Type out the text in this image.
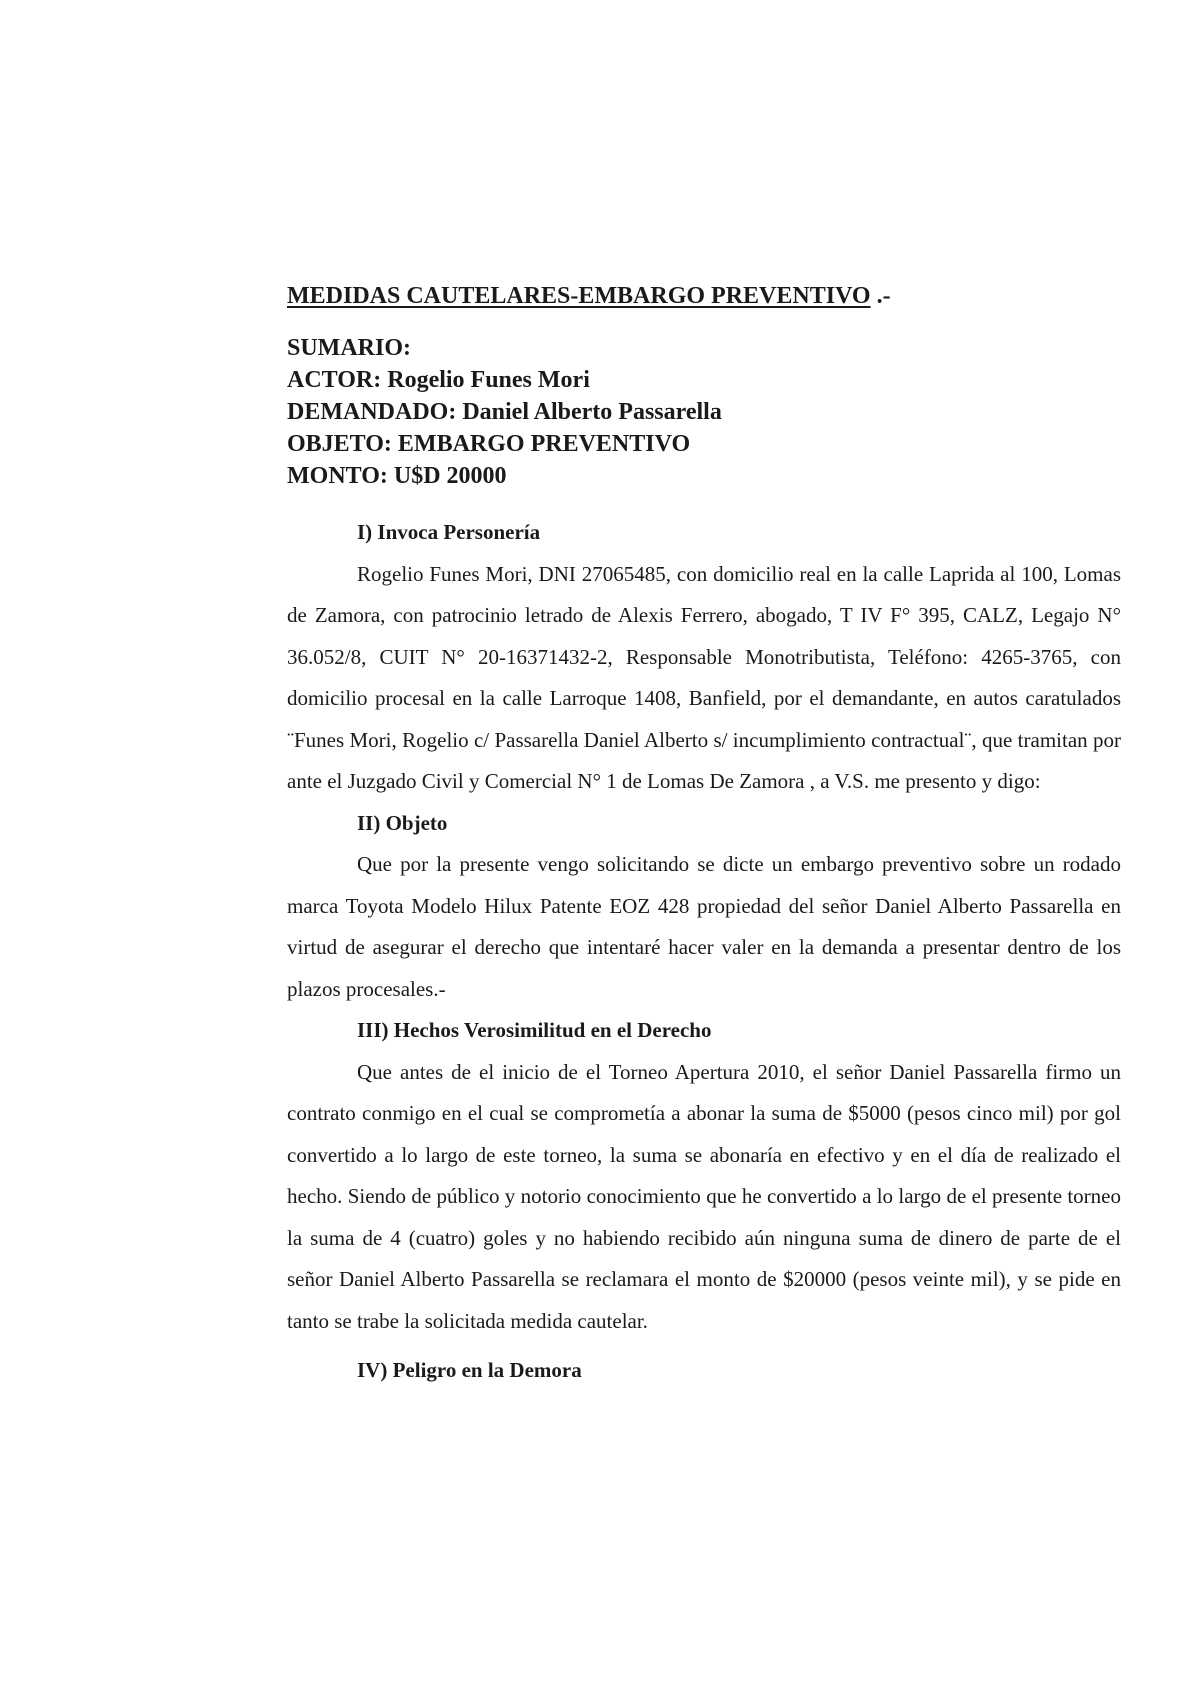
MEDIDAS CAUTELARES-EMBARGO PREVENTIVO .-

SUMARIO:

ACTOR: Rogelio Funes Mori

DEMANDADO: Daniel Alberto Passarella

OBJETO: EMBARGO PREVENTIVO

MONTO: U$D 20000

I) Invoca Personería

Rogelio Funes Mori, DNI 27065485, con domicilio real en la calle Laprida al 100, Lomas de Zamora, con patrocinio letrado de Alexis Ferrero, abogado, T IV F° 395, CALZ, Legajo N° 36.052/8, CUIT N° 20-16371432-2, Responsable Monotributista, Teléfono: 4265-3765, con domicilio procesal en la calle Larroque 1408, Banfield, por el demandante, en autos caratulados ¨Funes Mori, Rogelio c/ Passarella Daniel Alberto s/ incumplimiento contractual¨, que tramitan por ante el Juzgado Civil y Comercial N° 1 de Lomas De Zamora , a V.S. me presento y digo:

II) Objeto

Que por la presente vengo solicitando se dicte un embargo preventivo sobre un rodado marca Toyota Modelo Hilux Patente EOZ 428 propiedad del señor Daniel Alberto Passarella en virtud de asegurar el derecho que intentaré hacer valer en la demanda a presentar dentro de los plazos procesales.-

III) Hechos Verosimilitud en el Derecho

Que antes de el inicio de el Torneo Apertura 2010, el señor Daniel Passarella firmo un contrato conmigo en el cual se comprometía a abonar la suma de $5000 (pesos cinco mil) por gol convertido a lo largo de este torneo, la suma se abonaría en efectivo y en el día de realizado el hecho. Siendo de público y notorio conocimiento que he convertido a lo largo de el presente torneo la suma de 4 (cuatro) goles y no habiendo recibido aún ninguna suma de dinero de parte de el señor Daniel Alberto Passarella se reclamara el monto de $20000 (pesos veinte mil), y se pide en tanto se trabe la solicitada medida cautelar.

IV) Peligro en la Demora
